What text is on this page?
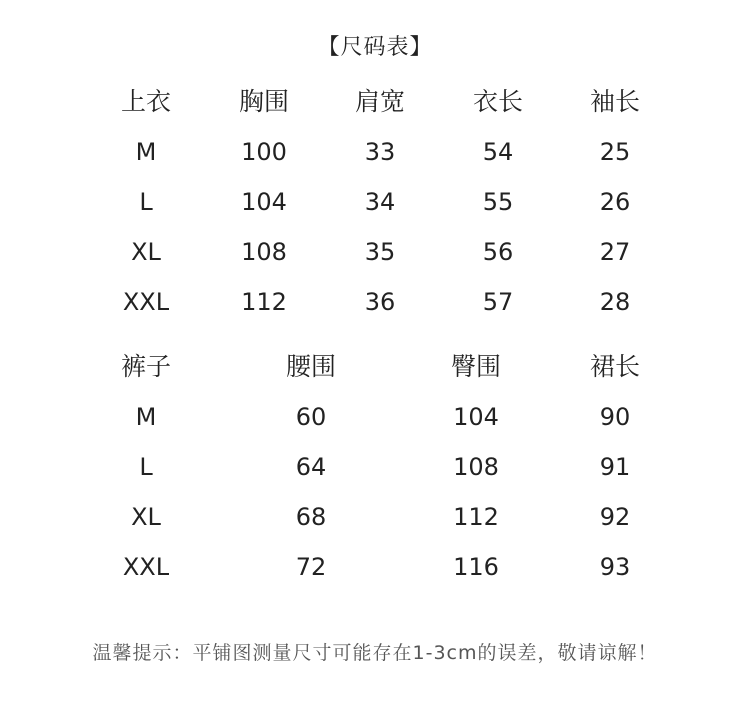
【尺码表】
上衣	胸围	肩宽	衣长	袖长
M	100	33	54	25
L	104	34	55	26
XL	108	35	56	27
XXL	112	36	57	28
裤子	腰围	臀围	裙长
M	60	104	90
L	64	108	91
XL	68	112	92
XXL	72	116	93
温馨提示：平铺图测量尺寸可能存在1-3cm的误差，敬请谅解！
